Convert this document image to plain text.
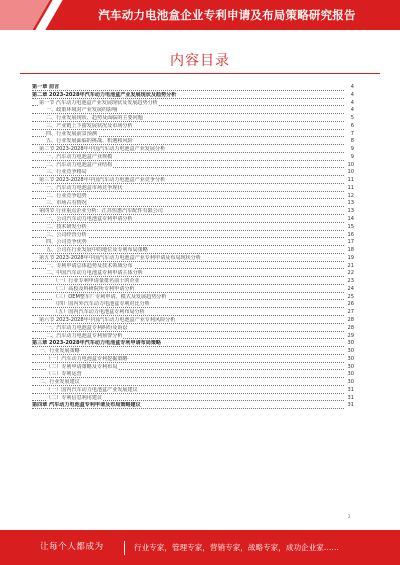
汽车动力电池盒企业专利申请及布局策略研究报告
内容目录
第一章 前言	4
第二章 2023-2028年汽车动力电池盒产业发展现状及趋势分析	4
第一节 汽车动力电池盒产业发展现状及发展趋势分析	4
一、政策环境对产业发展的影响	4
二、行业发展现状、趋势及面临的主要问题	5
三、产业链上下游发展状况及市场分析	6
四、行业发展前景预测	7
五、行业发展面临的挑战、机遇和风险	8
第二节 2023-2028年中国汽车动力电池盒产业发展分析	9
一、汽车动力电池盒产业规模	9
二、汽车动力电池盒产业结构	10
三、行业竞争格局	10
第三节 2023-2028年中国汽车动力电池盒产业竞争分析	11
一、汽车动力电池盒市场竞争现状	11
二、行业竞争趋势	12
三、市场占有情况	13
第四节 行业重点企业分析：江苏恒惠汽车配件有限公司	13
一、公司汽车动力电池盒专利申请分析	14
二、技术研发分析	15
三、公司经营分析	16
四、公司竞争优势	17
五、公司在行业发展中的地位及专利布局策略	18
第五节 2023-2028年中国汽车动力电池盒产业专利申请及布局现状分析	19
一、专利申请总体趋势及技术领域分布	21
二、中国汽车动力电池盒专利申请主体分析	22
（一）行业专利申请量排名前十的企业	23
（二）高校及科研院所专利申请分析	24
（三）OEM整车厂专利申请、模式及发展趋势分析	25
（四）国内外汽车动力电池盒专利对比分析	26
（五）国内汽车动力电池盒专利布局分析	27
第六节 2023-2028年中国汽车动力电池盒产业专利风险分析	28
一、汽车动力电池盒专利纠纷及诉讼	28
二、汽车动力电池盒专利预警分析	29
第三章 2023-2028年汽车动力电池盒专利申请布局策略	30
一、行业发展策略	30
（一）汽车动力电池盒专利挖掘策略	30
（二）专利申请策略及专利布局	30
（三）专利运营	30
二、行业发展建议	30
（一）国内汽车动力电池盒产业发展建议	31
（二）专利信息利用建议	31
第四章 汽车动力电池盒专利申请及布局策略建议	31
2
让每个人都成为	行业专家，管理专家，营销专家，战略专家，成功企业家……
